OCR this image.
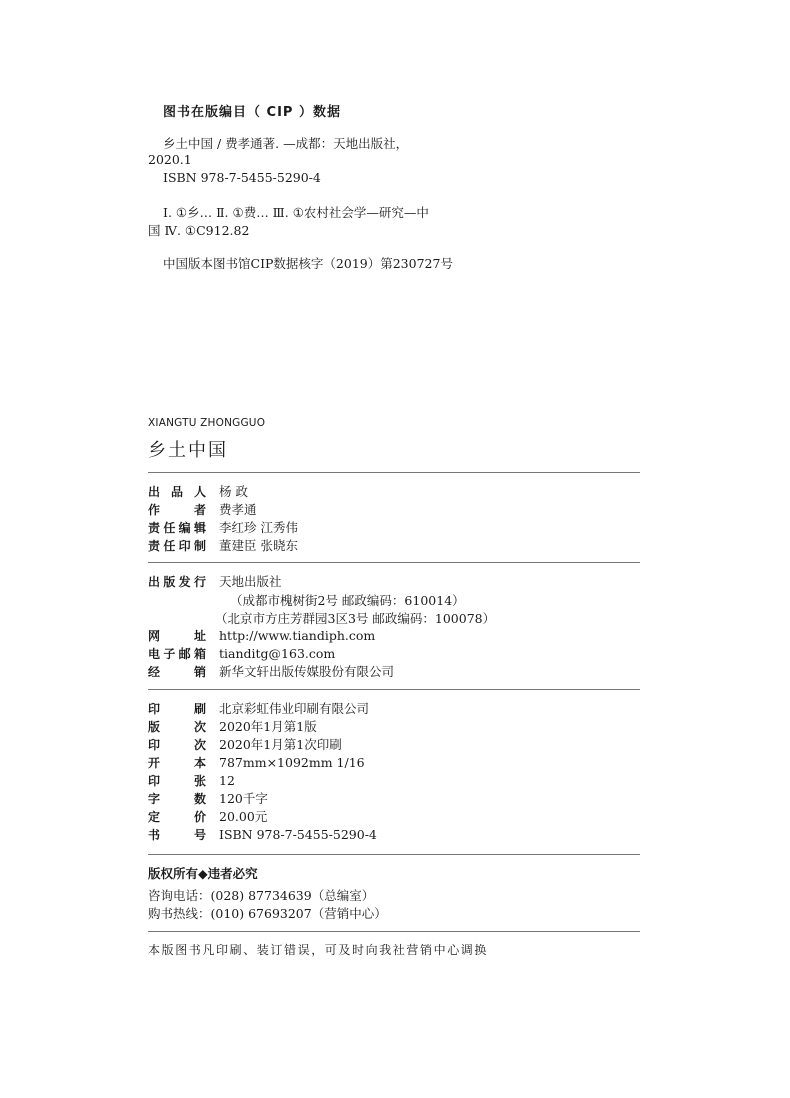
图书在版编目（ CIP ）数据
乡土中国 / 费孝通著. —成都：天地出版社，
2020.1
ISBN 978-7-5455-5290-4
Ⅰ. ①乡… Ⅱ. ①费… Ⅲ. ①农村社会学—研究—中
国 Ⅳ. ①C912.82
中国版本图书馆CIP数据核字（2019）第230727号
XIANGTU ZHONGGUO
乡土中国
出品人 杨 政
作者 费孝通
责任编辑 李红珍 江秀伟
责任印制 董建臣 张晓东
出版发行 天地出版社
（成都市槐树街2号 邮政编码：610014）
（北京市方庄芳群园3区3号 邮政编码：100078）
网址 http://www.tiandiph.com
电子邮箱 tianditg@163.com
经销 新华文轩出版传媒股份有限公司
印刷 北京彩虹伟业印刷有限公司
版次 2020年1月第1版
印次 2020年1月第1次印刷
开本 787mm×1092mm 1/16
印张 12
字数 120千字
定价 20.00元
书号 ISBN 978-7-5455-5290-4
版权所有◆违者必究
咨询电话：(028) 87734639（总编室）
购书热线：(010) 67693207（营销中心）
本版图书凡印刷、装订错误，可及时向我社营销中心调换
